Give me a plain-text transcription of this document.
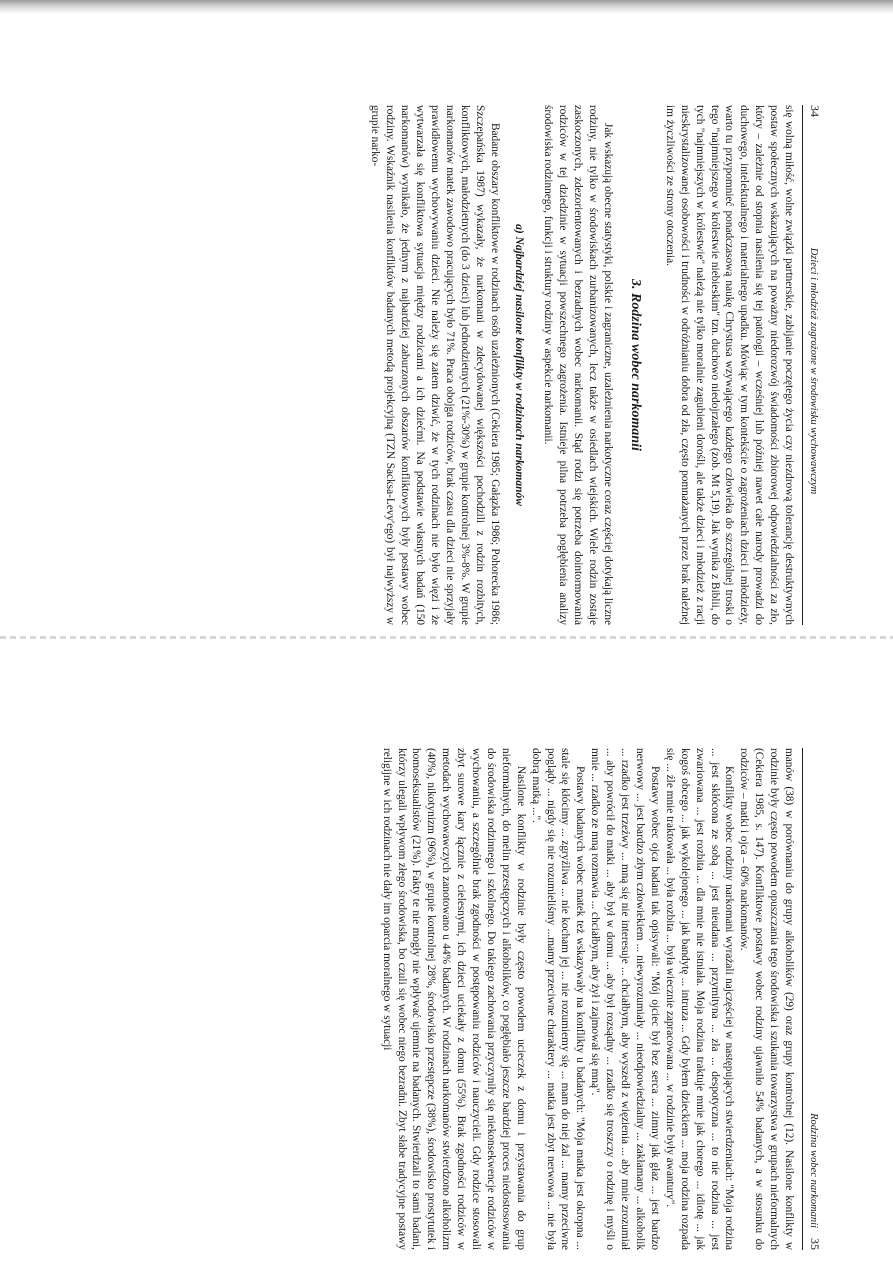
34
Dzieci i młodzież zagrożone w środowisku wychowawczym

się wolną miłość, wolne związki partnerskie, zabijanie poczętego życia czy niezdrową tolerancję destruktywnych postaw społecznych wskazujących na poważny niedorozwój świadomości zbiorowej odpowiedzialności za zło, który – zależnie od stopnia nasilenia się tej patologii – wcześniej lub później nawet całe narody prowadzi do duchowego, intelektualnego i materialnego upadku. Mówiąc w tym kontekście o zagrożeniach dzieci i młodzieży, warto tu przypomnieć ponadczasową naukę Chrystusa wzywającego każdego człowieka do szczególnej troski o tego "najmniejszego w królestwie niebieskim" tzn. duchowo niedojrzałego (zob. Mt 5,19). Jak wynika z Biblii, do tych "najmniejszych w królestwie" należą nie tylko moralnie zagubieni dorośli, ale także dzieci i młodzież z racji nieskrystalizowanej osobowości i trudności w odróżnianiu dobra od zła, często pomnażanych przez brak należnej im życzliwości ze strony otoczenia.

3. Rodzina wobec narkomanii

Jak wskazują obecne statystyki, polskie i zagraniczne, uzależnienia narkotyczne coraz częściej dotykają liczne rodziny, nie tylko w środowiskach zurbanizowanych, lecz także w osiedlach wiejskich. Wiele rodzin zostaje zaskoczonych, zdezorientowanych i bezradnych wobec narkomanii. Stąd rodzi się potrzeba dointormowania rodziców w tej dziedzinie w sytuacji powszechnego zagrożenia. Istnieje pilna potrzeba pogłębienia analizy środowiska rodzinnego, funkcji i struktury rodziny w aspekcie narkomanii.

a) Najbardziej nasilone konflikty w rodzinach narkomanów

Badane obszary konfliktowe w rodzinach osób uzależnionych (Cekiera 1985; Gałązka 1986; Pohorecka 1986; Szczepańska 1987) wykazały, że narkomani w zdecydowanej większości pochodzili z rodzin rozbitych, konfliktowych, małodzietnych (do 3 dzieci) lub jednodzietnych (21%-30%) w grupie kontrolnej 3%-8%. W grupie narkomanów matek zawodowo pracujących było 71%. Praca obojga rodziców, brak czasu dla dzieci nie sprzyjały prawidłowemu wychowywaniu dzieci. Nie należy się zatem dziwić, że w tych rodzinach nie było więzi i że wytwarzała się konfliktowa sytuacja między rodzicami a ich dziećmi. Na podstawie własnych badań (150 narkomanów) wynikało, że jednym z najbardziej zaburzonych obszarów konfliktowych były postawy wobec rodziny. Wskaźnik nasilenia konfliktów badanych metodą projekcyjną (TZN Sacksa-Levy'ego) był najwyższy w grupie narko-

Rodzina wobec narkomanii
35

manów (38) w porównaniu do grupy alkoholików (29) oraz grupy kontrolnej (12). Nasilone konflikty w rodzinie były często powodem opuszczania tego środowiska i szukania towarzystwa w grupach nieformalnych (Cekiera 1985, s. 147). Konfliktowe postawy wobec rodziny ujawniło 54% badanych, a w stosunku do rodziców – matki i ojca – 60% narkomanów.

Konflikty wobec rodziny narkomani wyrażali najczęściej w następujących stwierdzeniach: "Moja rodzina ... jest skłócona ze sobą ... jest nieudana ... przymityna ... zła ... despotyczna ... to nie rodzina ... jest zwariowana ... jest rozbita ... dla mnie nie istniała. Moja rodzina traktuje mnie jak chorego ... idiotę ... jak kogoś obcego ... jak wykolejonego ... jak bandytę ... intruza ... Gdy byłem dzieckiem ... moja rodzina rozpada się ... źle mnie traktowała ... była rozbita ... była wiecznie zapracowana ... w rodzinie były awantury".

Postawy wobec ojca badani tak opisywali: "Mój ojciec był bez serca ... zimny jak głaz ... jest bardzo nerwowy ... jest bardzo złym człowiekiem ... niewyrozumiały ... nieodpowiedzialny ... zakłamany ... alkoholik ... rzadko jest trzeźwy ... mną się nie interesuje ... chciałbym, aby wyszedł z więzienia ... aby mnie zrozumiał ... aby powrócił do matki ... aby był w domu ... aby był rozsądny ... rzadko się troszczy o rodzinę i myśli o mnie ... rzadko ze mną rozmawia ... chciałbym, aby żył i zajmował się mną".

Postawy badanych wobec matek też wskazywały na konflikty u badanych: "Moja matka jest okropna ... stale się kłócimy ... zgryźliwa ... nie kocham jej ... nie rozumiemy się ... mam do niej żal ... mamy przeciwne poglądy ... nigdy się nie rozumieliśmy ...mamy przeciwne charaktery ... matka jest zbyt nerwowa ... nie była dobrą matką ...".

Nasilone konflikty w rodzinie były często powodem ucieczek z domu i przystawania do grup nieformalnych, do melin przestępczych i alkoholików, co pogłębiało jeszcze bardziej proces niedostosowania do środowiska rodzinnego i szkolnego. Do takiego zachowania przyczyniły się niekonsekwencje rodziców w wychowaniu, a szczególnie brak zgodności w postępowaniu rodziców i nauczycieli. Gdy rodzice stosowali zbyt surowe kary łącznie z cielesnymi, ich dzieci uciekały z domu (55%). Brak zgodności rodziców w metodach wychowawczych zanotowano u 44% badanych. W rodzinach narkomanów stwierdzono alkoholizm (40%), nikotynizm (96%), w grupie kontrolnej 28%, środowisko przestępcze (38%), środowisko prostytutek i homoseksualistów (21%). Fakty te nie mogły nie wpływać ujemnie na badanych. Stwierdzali to sami badani, którzy ulegali wpływom złego środowiska, bo czuli się wobec niego bezradni. Zbyt słabe tradycyjne postawy religijne w ich rodzinach nie dały im oparcia moralnego w sytuacji
